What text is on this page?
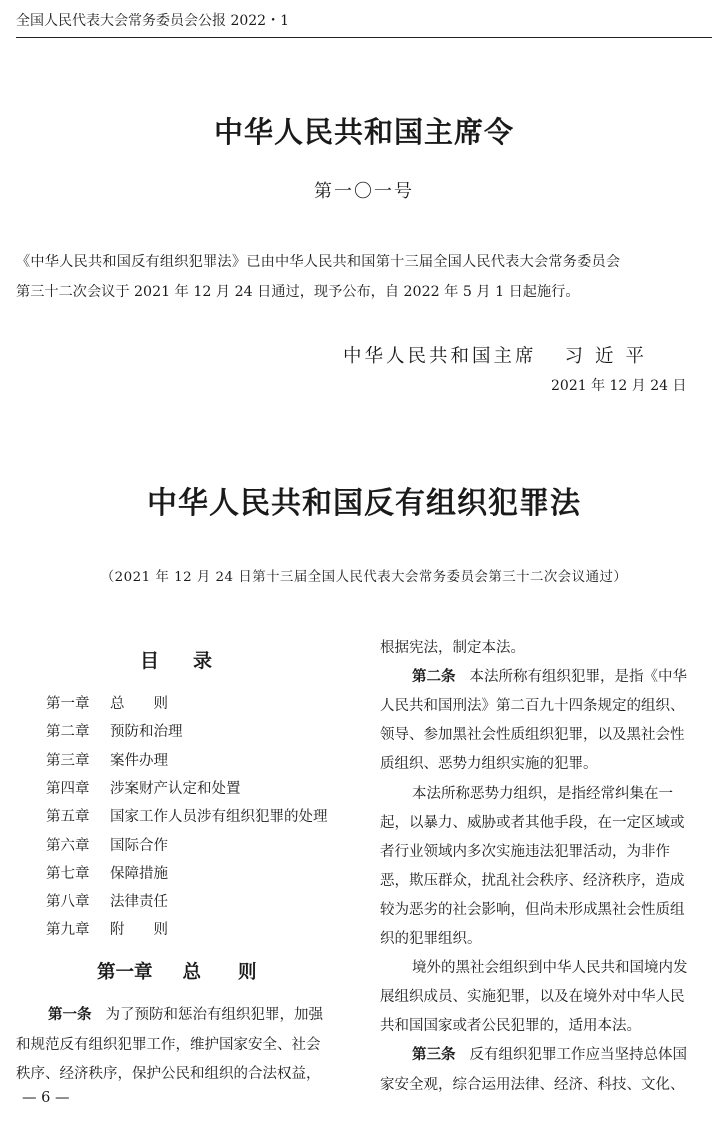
全国人民代表大会常务委员会公报 2022・1
中华人民共和国主席令
第一〇一号
《中华人民共和国反有组织犯罪法》已由中华人民共和国第十三届全国人民代表大会常务委员会
第三十二次会议于 2021 年 12 月 24 日通过，现予公布，自 2022 年 5 月 1 日起施行。
中华人民共和国主席 习近平
2021 年 12 月 24 日
中华人民共和国反有组织犯罪法
（2021 年 12 月 24 日第十三届全国人民代表大会常务委员会第三十二次会议通过）
目录
第一章 总　　则
第二章 预防和治理
第三章 案件办理
第四章 涉案财产认定和处置
第五章 国家工作人员涉有组织犯罪的处理
第六章 国际合作
第七章 保障措施
第八章 法律责任
第九章 附　　则
第一章 总　　则
第一条 为了预防和惩治有组织犯罪，加强
和规范反有组织犯罪工作，维护国家安全、社会
秩序、经济秩序，保护公民和组织的合法权益，
根据宪法，制定本法。
第二条 本法所称有组织犯罪，是指《中华
人民共和国刑法》第二百九十四条规定的组织、
领导、参加黑社会性质组织犯罪，以及黑社会性
质组织、恶势力组织实施的犯罪。
本法所称恶势力组织，是指经常纠集在一
起，以暴力、威胁或者其他手段，在一定区域或
者行业领域内多次实施违法犯罪活动，为非作
恶，欺压群众，扰乱社会秩序、经济秩序，造成
较为恶劣的社会影响，但尚未形成黑社会性质组
织的犯罪组织。
境外的黑社会组织到中华人民共和国境内发
展组织成员、实施犯罪，以及在境外对中华人民
共和国国家或者公民犯罪的，适用本法。
第三条 反有组织犯罪工作应当坚持总体国
家安全观，综合运用法律、经济、科技、文化、
— 6 —
